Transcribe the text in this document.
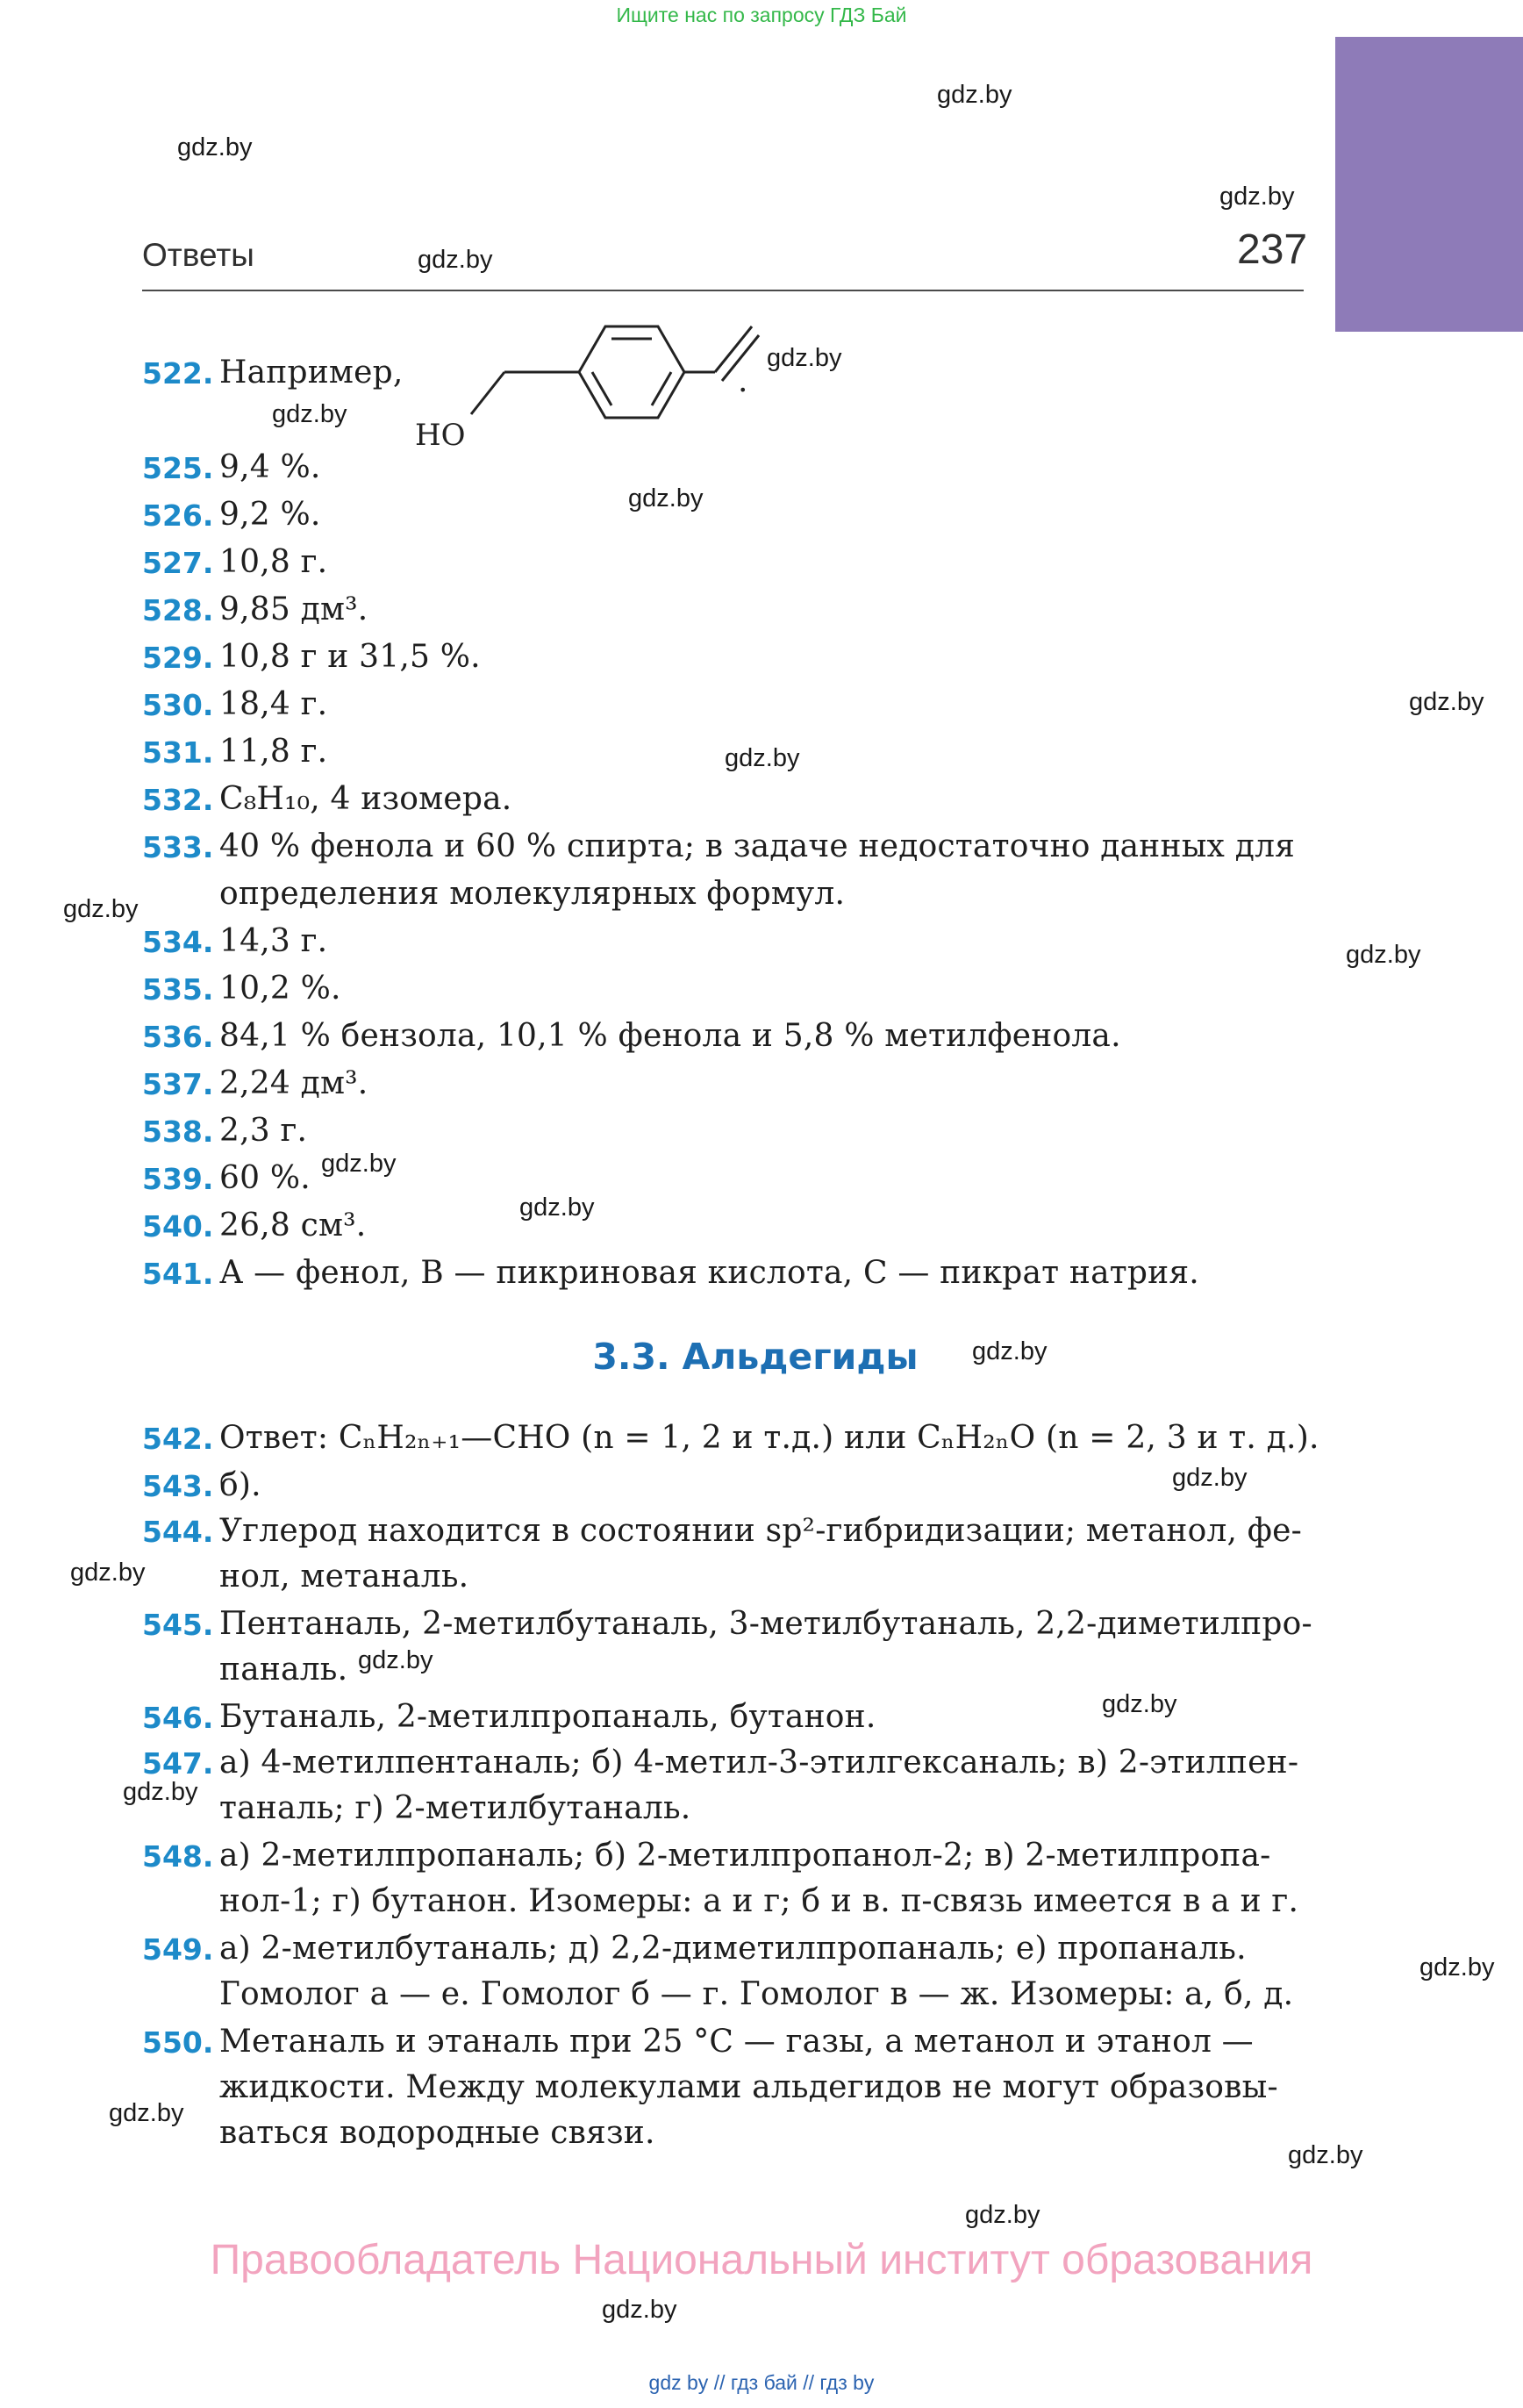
Ищите нас по запросу ГДЗ Бай
gdz.by
gdz.by
gdz.by
gdz.by
gdz.by
gdz.by
gdz.by
gdz.by
gdz.by
gdz.by
gdz.by
gdz.by
gdz.by
gdz.by
gdz.by
gdz.by
gdz.by
gdz.by
gdz.by
gdz.by
gdz.by
gdz.by
gdz.by
gdz.by
Ответы	237
522. Например,
HO
.
525. 9,4 %.
526. 9,2 %.
527. 10,8 г.
528. 9,85 дм³.
529. 10,8 г и 31,5 %.
530. 18,4 г.
531. 11,8 г.
532. C₈H₁₀, 4 изомера.
533. 40 % фенола и 60 % спирта; в задаче недостаточно данных для
определения молекулярных формул.
534. 14,3 г.
535. 10,2 %.
536. 84,1 % бензола, 10,1 % фенола и 5,8 % метилфенола.
537. 2,24 дм³.
538. 2,3 г.
539. 60 %.
540. 26,8 см³.
541. А — фенол, В — пикриновая кислота, С — пикрат натрия.
3.3. Альдегиды
542. Ответ: CₙH₂ₙ₊₁—CHO (n = 1, 2 и т.д.) или CₙH₂ₙO (n = 2, 3 и т. д.).
543. б).
544. Углерод находится в состоянии sp²-гибридизации; метанол, фе-
нол, метаналь.
545. Пентаналь, 2-метилбутаналь, 3-метилбутаналь, 2,2-диметилпро-
паналь.
546. Бутаналь, 2-метилпропаналь, бутанон.
547. а) 4-метилпентаналь; б) 4-метил-3-этилгексаналь; в) 2-этилпен-
таналь; г) 2-метилбутаналь.
548. а) 2-метилпропаналь; б) 2-метилпропанол-2; в) 2-метилпропа-
нол-1; г) бутанон. Изомеры: а и г; б и в. π-связь имеется в а и г.
549. а) 2-метилбутаналь; д) 2,2-диметилпропаналь; е) пропаналь.
Гомолог а — е. Гомолог б — г. Гомолог в — ж. Изомеры: а, б, д.
550. Метаналь и этаналь при 25 °С — газы, а метанол и этанол —
жидкости. Между молекулами альдегидов не могут образовы-
ваться водородные связи.
Правообладатель Национальный институт образования
gdz by // гдз бай // гдз by
